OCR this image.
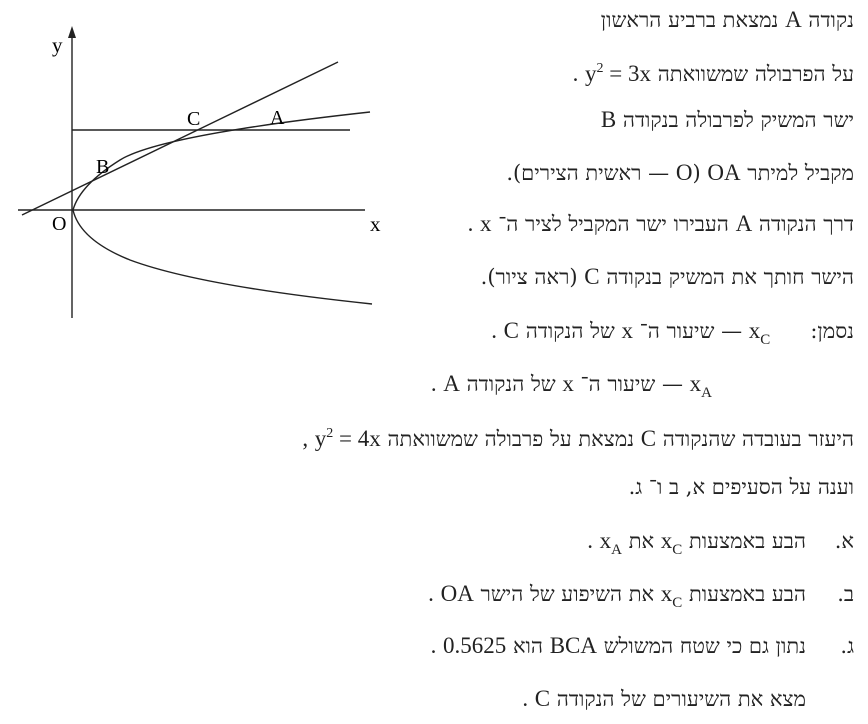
y
x
O
B
C	A
נקודה A נמצאת ברביע הראשון
על הפרבולה שמשוואתה $y^2 = 3x$ .
ישר המשיק לפרבולה בנקודה B
מקביל למיתר OA (O — ראשית הצירים).
דרך הנקודה A העבירו ישר המקביל לציר ה־ x .
הישר חותך את המשיק בנקודה C (ראה ציור).
נסמן:      $x_C$ — שיעור ה־ x של הנקודה C .
$x_A$ — שיעור ה־ x של הנקודה A .
היעזר בעובדה שהנקודה C נמצאת על פרבולה שמשוואתה $y^2 = 4x$ ,
וענה על הסעיפים א, ב ו־ ג.
א.
הבע באמצעות $x_C$ את $x_A$ .
ב.
הבע באמצעות $x_C$ את השיפוע של הישר OA .
ג.
נתון גם כי שטח המשולש BCA הוא 0.5625 .
מצא את השיעורים של הנקודה C .
